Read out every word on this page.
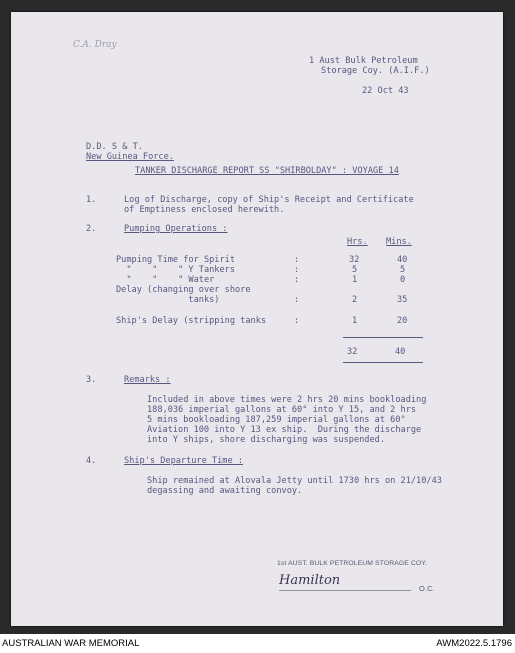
C.A. Dray
1 Aust Bulk Petroleum
Storage Coy. (A.I.F.)
22 Oct 43
D.D. S & T.
New Guinea Force.
TANKER DISCHARGE REPORT SS "SHIRBOLDAY" : VOYAGE 14
1.	Log of Discharge, copy of Ship's Receipt and Certificate
of Emptiness enclosed herewith.
2.	Pumping Operations :
Hrs. Mins.
Pumping Time for Spirit	:	32	40
"    "    " Y Tankers	:	5	5
"    "    " Water	:	1	0
Delay (changing over shore
tanks)	:	2	35
Ship's Delay (stripping tanks	:	1	20
32	40
3.	Remarks :
Included in above times were 2 hrs 20 mins bookloading
188,036 imperial gallons at 60° into Y 15, and 2 hrs
5 mins bookloading 187,259 imperial gallons at 60°
Aviation 100 into Y 13 ex ship.  During the discharge
into Y ships, shore discharging was suspended.
4.	Ship's Departure Time :
Ship remained at Alovala Jetty until 1730 hrs on 21/10/43
degassing and awaiting convoy.
1st AUST. BULK PETROLEUM STORAGE COY.
Hamilton
O.C.
AUSTRALIAN WAR MEMORIAL	AWM2022.5.1796
